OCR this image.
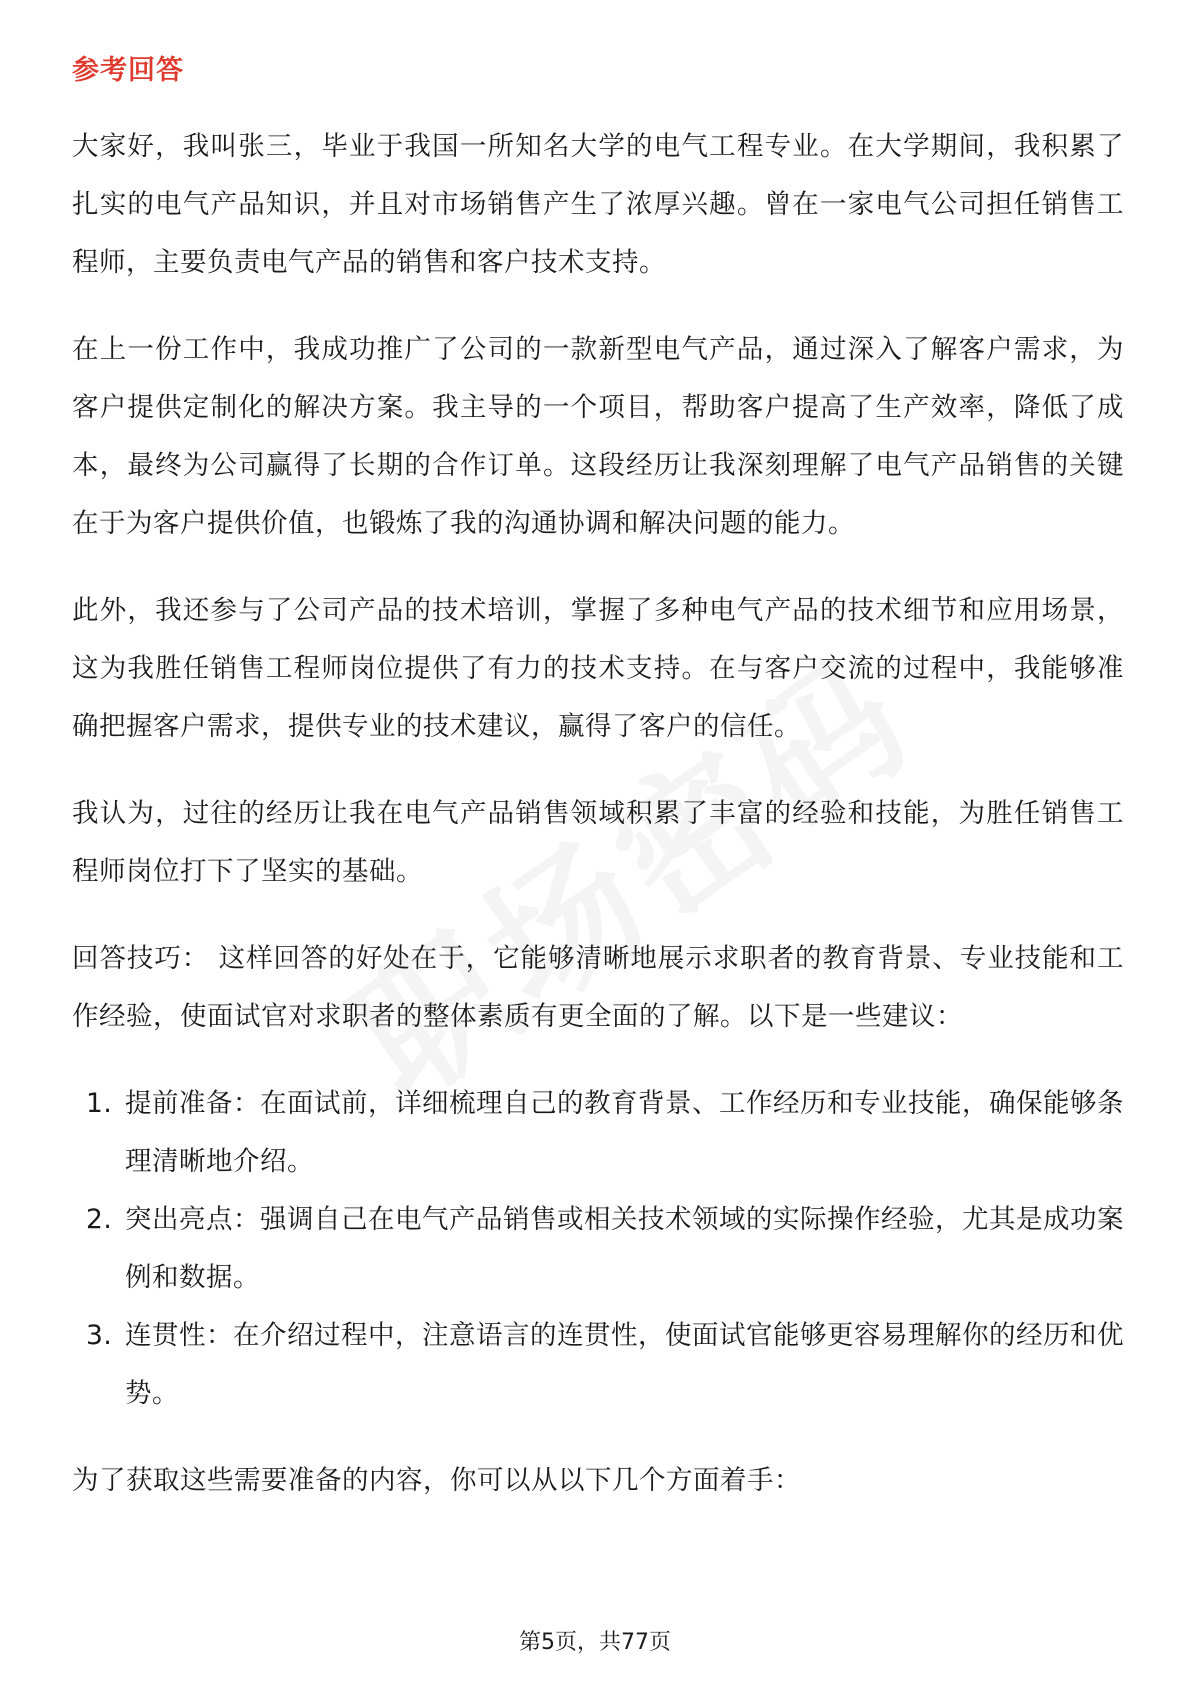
参考回答

大家好，我叫张三，毕业于我国一所知名大学的电气工程专业。在大学期间，我积累了扎实的电气产品知识，并且对市场销售产生了浓厚兴趣。曾在一家电气公司担任销售工程师，主要负责电气产品的销售和客户技术支持。

在上一份工作中，我成功推广了公司的一款新型电气产品，通过深入了解客户需求，为客户提供定制化的解决方案。我主导的一个项目，帮助客户提高了生产效率，降低了成本，最终为公司赢得了长期的合作订单。这段经历让我深刻理解了电气产品销售的关键在于为客户提供价值，也锻炼了我的沟通协调和解决问题的能力。

此外，我还参与了公司产品的技术培训，掌握了多种电气产品的技术细节和应用场景，这为我胜任销售工程师岗位提供了有力的技术支持。在与客户交流的过程中，我能够准确把握客户需求，提供专业的技术建议，赢得了客户的信任。

我认为，过往的经历让我在电气产品销售领域积累了丰富的经验和技能，为胜任销售工程师岗位打下了坚实的基础。

回答技巧： 这样回答的好处在于，它能够清晰地展示求职者的教育背景、专业技能和工作经验，使面试官对求职者的整体素质有更全面的了解。以下是一些建议：

1. 提前准备：在面试前，详细梳理自己的教育背景、工作经历和专业技能，确保能够条理清晰地介绍。
2. 突出亮点：强调自己在电气产品销售或相关技术领域的实际操作经验，尤其是成功案例和数据。
3. 连贯性：在介绍过程中，注意语言的连贯性，使面试官能够更容易理解你的经历和优势。

为了获取这些需要准备的内容，你可以从以下几个方面着手：

第5页，共77页
